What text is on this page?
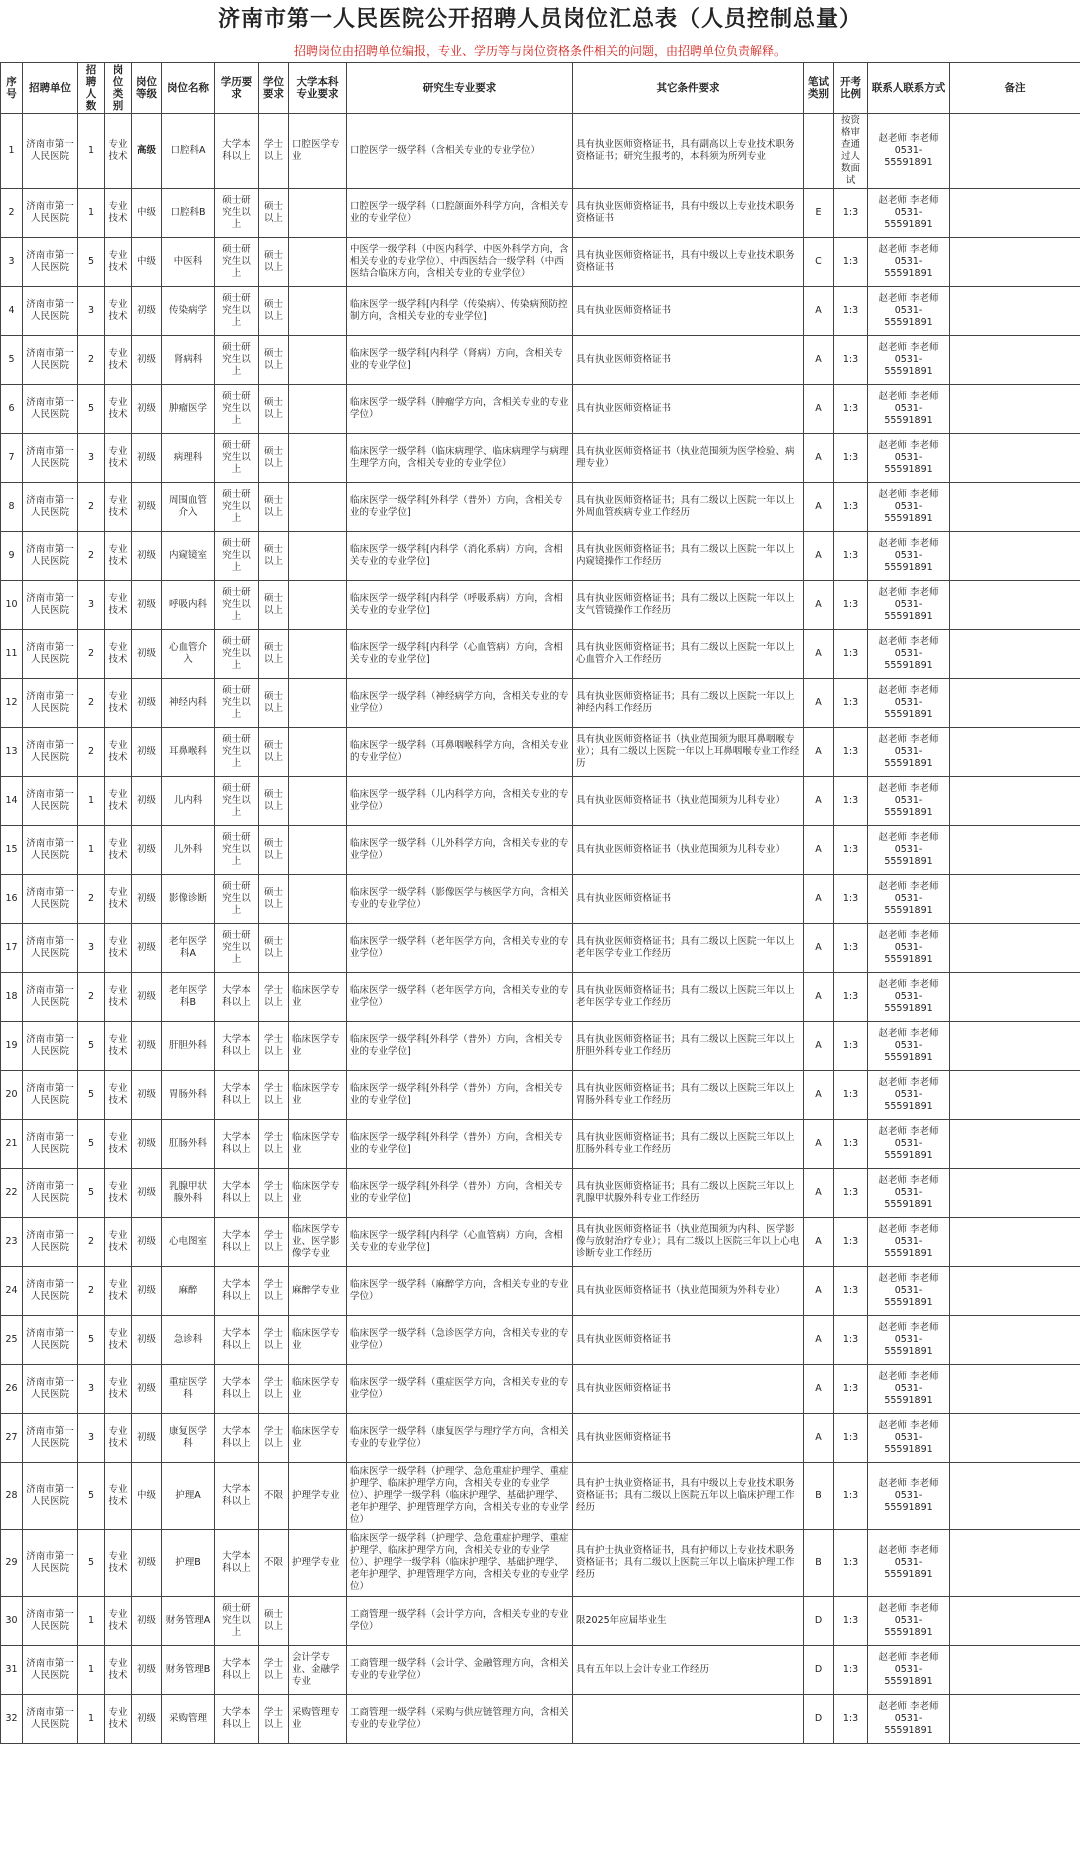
济南市第一人民医院公开招聘人员岗位汇总表（人员控制总量）
招聘岗位由招聘单位编报，专业、学历等与岗位资格条件相关的问题，由招聘单位负责解释。
序号	招聘单位	招聘人数	岗位类别	岗位等级	岗位名称	学历要求	学位要求	大学本科专业要求	研究生专业要求	其它条件要求	笔试类别	开考比例	联系人联系方式	备注
1	济南市第一人民医院	1	专业技术	高级	口腔科A	大学本科以上	学士以上	口腔医学专业	口腔医学一级学科（含相关专业的专业学位）	具有执业医师资格证书，具有副高以上专业技术职务资格证书；研究生报考的，本科须为所列专业		按资格审查通过人数面试	赵老师 李老师 0531-55591891	
2	济南市第一人民医院	1	专业技术	中级	口腔科B	硕士研究生以上	硕士以上		口腔医学一级学科（口腔颌面外科学方向，含相关专业的专业学位）	具有执业医师资格证书，具有中级以上专业技术职务资格证书	E	1:3	赵老师 李老师 0531-55591891	
3	济南市第一人民医院	5	专业技术	中级	中医科	硕士研究生以上	硕士以上		中医学一级学科（中医内科学、中医外科学方向，含相关专业的专业学位）、中西医结合一级学科（中西医结合临床方向，含相关专业的专业学位）	具有执业医师资格证书，具有中级以上专业技术职务资格证书	C	1:3	赵老师 李老师 0531-55591891	
4	济南市第一人民医院	3	专业技术	初级	传染病学	硕士研究生以上	硕士以上		临床医学一级学科[内科学（传染病）、传染病预防控制方向，含相关专业的专业学位]	具有执业医师资格证书	A	1:3	赵老师 李老师 0531-55591891	
5	济南市第一人民医院	2	专业技术	初级	肾病科	硕士研究生以上	硕士以上		临床医学一级学科[内科学（肾病）方向，含相关专业的专业学位]	具有执业医师资格证书	A	1:3	赵老师 李老师 0531-55591891	
6	济南市第一人民医院	5	专业技术	初级	肿瘤医学	硕士研究生以上	硕士以上		临床医学一级学科（肿瘤学方向，含相关专业的专业学位）	具有执业医师资格证书	A	1:3	赵老师 李老师 0531-55591891	
7	济南市第一人民医院	3	专业技术	初级	病理科	硕士研究生以上	硕士以上		临床医学一级学科（临床病理学、临床病理学与病理生理学方向，含相关专业的专业学位）	具有执业医师资格证书（执业范围须为医学检验、病理专业）	A	1:3	赵老师 李老师 0531-55591891	
8	济南市第一人民医院	2	专业技术	初级	周围血管介入	硕士研究生以上	硕士以上		临床医学一级学科[外科学（普外）方向，含相关专业的专业学位]	具有执业医师资格证书；具有二级以上医院一年以上外周血管疾病专业工作经历	A	1:3	赵老师 李老师 0531-55591891	
9	济南市第一人民医院	2	专业技术	初级	内窥镜室	硕士研究生以上	硕士以上		临床医学一级学科[内科学（消化系病）方向，含相关专业的专业学位]	具有执业医师资格证书；具有二级以上医院一年以上内窥镜操作工作经历	A	1:3	赵老师 李老师 0531-55591891	
10	济南市第一人民医院	3	专业技术	初级	呼吸内科	硕士研究生以上	硕士以上		临床医学一级学科[内科学（呼吸系病）方向，含相关专业的专业学位]	具有执业医师资格证书；具有二级以上医院一年以上支气管镜操作工作经历	A	1:3	赵老师 李老师 0531-55591891	
11	济南市第一人民医院	2	专业技术	初级	心血管介入	硕士研究生以上	硕士以上		临床医学一级学科[内科学（心血管病）方向，含相关专业的专业学位]	具有执业医师资格证书；具有二级以上医院一年以上心血管介入工作经历	A	1:3	赵老师 李老师 0531-55591891	
12	济南市第一人民医院	2	专业技术	初级	神经内科	硕士研究生以上	硕士以上		临床医学一级学科（神经病学方向，含相关专业的专业学位）	具有执业医师资格证书；具有二级以上医院一年以上神经内科工作经历	A	1:3	赵老师 李老师 0531-55591891	
13	济南市第一人民医院	2	专业技术	初级	耳鼻喉科	硕士研究生以上	硕士以上		临床医学一级学科（耳鼻咽喉科学方向，含相关专业的专业学位）	具有执业医师资格证书（执业范围须为眼耳鼻咽喉专业）；具有二级以上医院一年以上耳鼻咽喉专业工作经历	A	1:3	赵老师 李老师 0531-55591891	
14	济南市第一人民医院	1	专业技术	初级	儿内科	硕士研究生以上	硕士以上		临床医学一级学科（儿内科学方向，含相关专业的专业学位）	具有执业医师资格证书（执业范围须为儿科专业）	A	1:3	赵老师 李老师 0531-55591891	
15	济南市第一人民医院	1	专业技术	初级	儿外科	硕士研究生以上	硕士以上		临床医学一级学科（儿外科学方向，含相关专业的专业学位）	具有执业医师资格证书（执业范围须为儿科专业）	A	1:3	赵老师 李老师 0531-55591891	
16	济南市第一人民医院	2	专业技术	初级	影像诊断	硕士研究生以上	硕士以上		临床医学一级学科（影像医学与核医学方向，含相关专业的专业学位）	具有执业医师资格证书	A	1:3	赵老师 李老师 0531-55591891	
17	济南市第一人民医院	3	专业技术	初级	老年医学科A	硕士研究生以上	硕士以上		临床医学一级学科（老年医学方向，含相关专业的专业学位）	具有执业医师资格证书；具有二级以上医院一年以上老年医学专业工作经历	A	1:3	赵老师 李老师 0531-55591891	
18	济南市第一人民医院	2	专业技术	初级	老年医学科B	大学本科以上	学士以上	临床医学专业	临床医学一级学科（老年医学方向，含相关专业的专业学位）	具有执业医师资格证书；具有二级以上医院三年以上老年医学专业工作经历	A	1:3	赵老师 李老师 0531-55591891	
19	济南市第一人民医院	5	专业技术	初级	肝胆外科	大学本科以上	学士以上	临床医学专业	临床医学一级学科[外科学（普外）方向，含相关专业的专业学位]	具有执业医师资格证书；具有二级以上医院三年以上肝胆外科专业工作经历	A	1:3	赵老师 李老师 0531-55591891	
20	济南市第一人民医院	5	专业技术	初级	胃肠外科	大学本科以上	学士以上	临床医学专业	临床医学一级学科[外科学（普外）方向，含相关专业的专业学位]	具有执业医师资格证书；具有二级以上医院三年以上胃肠外科专业工作经历	A	1:3	赵老师 李老师 0531-55591891	
21	济南市第一人民医院	5	专业技术	初级	肛肠外科	大学本科以上	学士以上	临床医学专业	临床医学一级学科[外科学（普外）方向，含相关专业的专业学位]	具有执业医师资格证书；具有二级以上医院三年以上肛肠外科专业工作经历	A	1:3	赵老师 李老师 0531-55591891	
22	济南市第一人民医院	5	专业技术	初级	乳腺甲状腺外科	大学本科以上	学士以上	临床医学专业	临床医学一级学科[外科学（普外）方向，含相关专业的专业学位]	具有执业医师资格证书；具有二级以上医院三年以上乳腺甲状腺外科专业工作经历	A	1:3	赵老师 李老师 0531-55591891	
23	济南市第一人民医院	2	专业技术	初级	心电图室	大学本科以上	学士以上	临床医学专业、医学影像学专业	临床医学一级学科[内科学（心血管病）方向，含相关专业的专业学位]	具有执业医师资格证书（执业范围须为内科、医学影像与放射治疗专业）；具有二级以上医院三年以上心电诊断专业工作经历	A	1:3	赵老师 李老师 0531-55591891	
24	济南市第一人民医院	2	专业技术	初级	麻醉	大学本科以上	学士以上	麻醉学专业	临床医学一级学科（麻醉学方向，含相关专业的专业学位）	具有执业医师资格证书（执业范围须为外科专业）	A	1:3	赵老师 李老师 0531-55591891	
25	济南市第一人民医院	5	专业技术	初级	急诊科	大学本科以上	学士以上	临床医学专业	临床医学一级学科（急诊医学方向，含相关专业的专业学位）	具有执业医师资格证书	A	1:3	赵老师 李老师 0531-55591891	
26	济南市第一人民医院	3	专业技术	初级	重症医学科	大学本科以上	学士以上	临床医学专业	临床医学一级学科（重症医学方向，含相关专业的专业学位）	具有执业医师资格证书	A	1:3	赵老师 李老师 0531-55591891	
27	济南市第一人民医院	3	专业技术	初级	康复医学科	大学本科以上	学士以上	临床医学专业	临床医学一级学科（康复医学与理疗学方向，含相关专业的专业学位）	具有执业医师资格证书	A	1:3	赵老师 李老师 0531-55591891	
28	济南市第一人民医院	5	专业技术	中级	护理A	大学本科以上	不限	护理学专业	临床医学一级学科（护理学、急危重症护理学、重症护理学、临床护理学方向，含相关专业的专业学位）、护理学一级学科（临床护理学、基础护理学、老年护理学、护理管理学方向，含相关专业的专业学位）	具有护士执业资格证书，具有中级以上专业技术职务资格证书；具有二级以上医院五年以上临床护理工作经历	B	1:3	赵老师 李老师 0531-55591891	
29	济南市第一人民医院	5	专业技术	初级	护理B	大学本科以上	不限	护理学专业	临床医学一级学科（护理学、急危重症护理学、重症护理学、临床护理学方向，含相关专业的专业学位）、护理学一级学科（临床护理学、基础护理学、老年护理学、护理管理学方向，含相关专业的专业学位）	具有护士执业资格证书，具有护师以上专业技术职务资格证书；具有二级以上医院三年以上临床护理工作经历	B	1:3	赵老师 李老师 0531-55591891	
30	济南市第一人民医院	1	专业技术	初级	财务管理A	硕士研究生以上	硕士以上		工商管理一级学科（会计学方向，含相关专业的专业学位）	限2025年应届毕业生	D	1:3	赵老师 李老师 0531-55591891	
31	济南市第一人民医院	1	专业技术	初级	财务管理B	大学本科以上	学士以上	会计学专业、金融学专业	工商管理一级学科（会计学、金融管理方向，含相关专业的专业学位）	具有五年以上会计专业工作经历	D	1:3	赵老师 李老师 0531-55591891	
32	济南市第一人民医院	1	专业技术	初级	采购管理	大学本科以上	学士以上	采购管理专业	工商管理一级学科（采购与供应链管理方向，含相关专业的专业学位）		D	1:3	赵老师 李老师 0531-55591891	
